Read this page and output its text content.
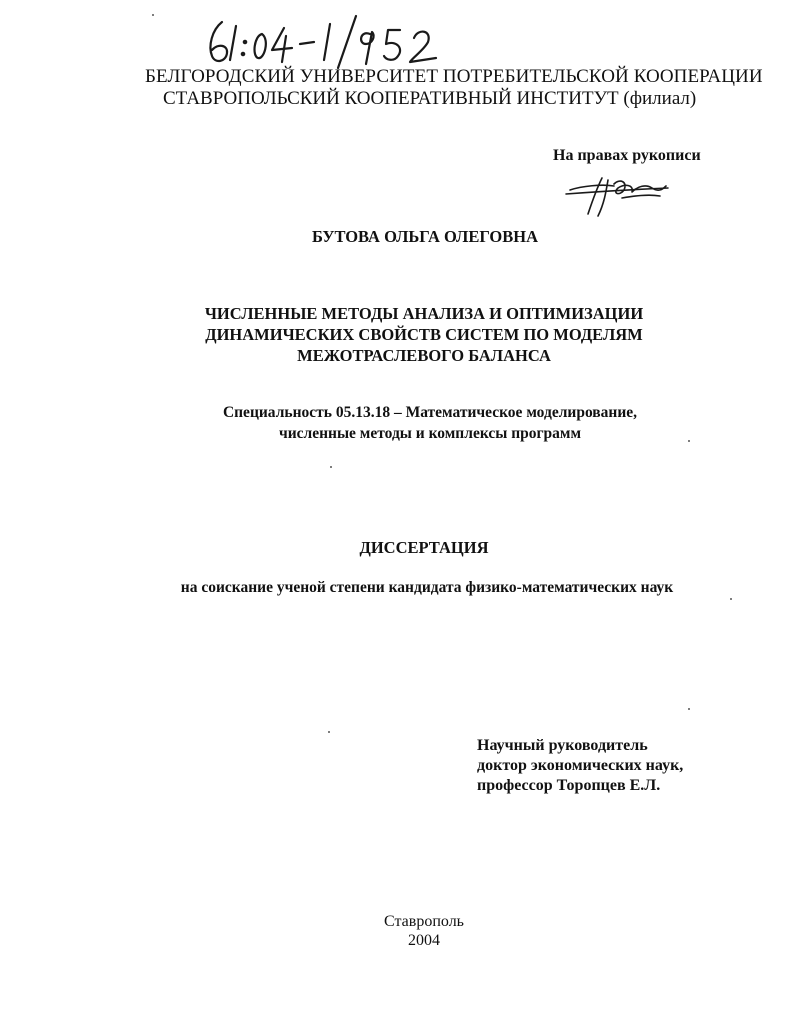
БЕЛГОРОДСКИЙ УНИВЕРСИТЕТ ПОТРЕБИТЕЛЬСКОЙ КООПЕРАЦИИ
СТАВРОПОЛЬСКИЙ КООПЕРАТИВНЫЙ ИНСТИТУТ (филиал)
На правах рукописи
БУТОВА ОЛЬГА ОЛЕГОВНА
ЧИСЛЕННЫЕ МЕТОДЫ АНАЛИЗА И ОПТИМИЗАЦИИ
ДИНАМИЧЕСКИХ СВОЙСТВ СИСТЕМ ПО МОДЕЛЯМ
МЕЖОТРАСЛЕВОГО БАЛАНСА
Специальность 05.13.18 – Математическое моделирование,
численные методы и комплексы программ
ДИССЕРТАЦИЯ
на соискание ученой степени кандидата физико-математических наук
Научный руководитель
доктор экономических наук,
профессор Торопцев Е.Л.
Ставрополь
2004
